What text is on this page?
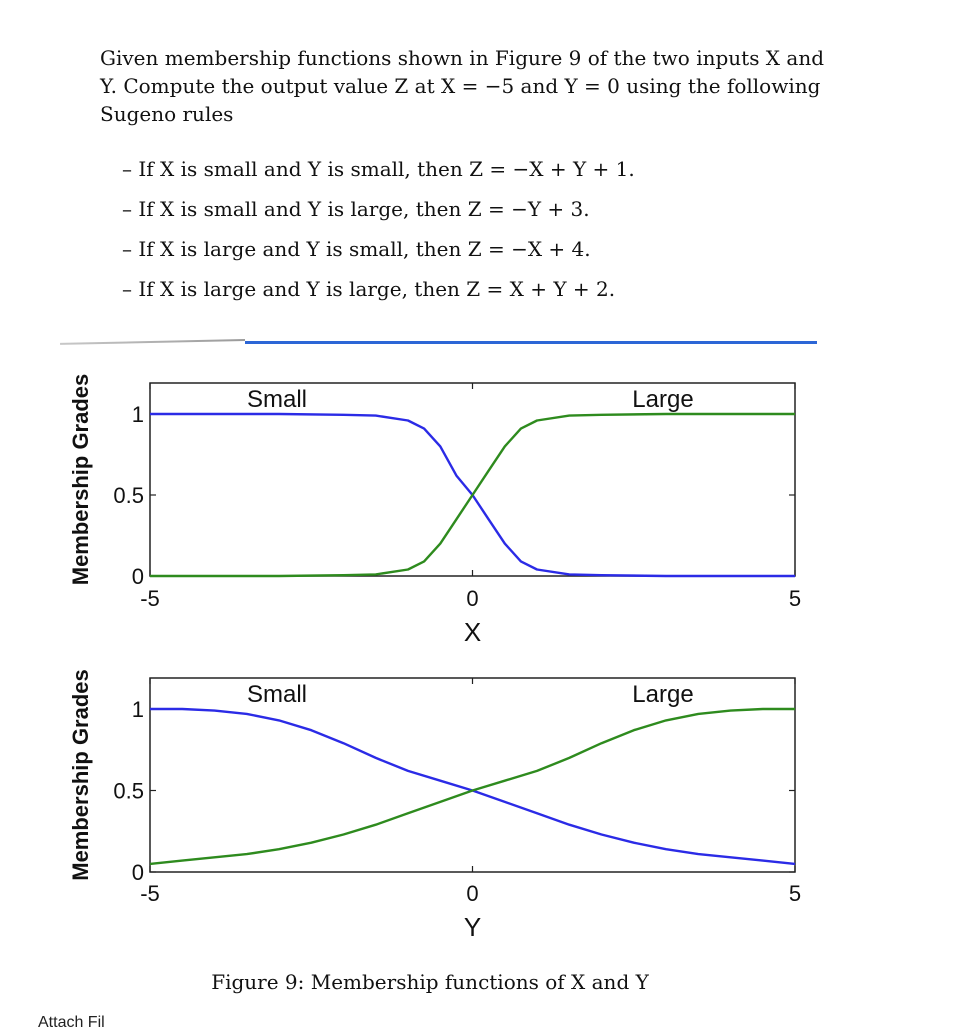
Given membership functions shown in Figure 9 of the two inputs X and Y. Compute the output value Z at X = −5 and Y = 0 using the following Sugeno rules
– If X is small and Y is small, then Z = −X + Y + 1.
– If X is small and Y is large, then Z = −Y + 3.
– If X is large and Y is small, then Z = −X + 4.
– If X is large and Y is large, then Z = X + Y + 2.
0
0.5
1
-5	0	5
X
Membership Grades	Small	Large
0
0.5
1
-5	0	5
Y
Membership Grades	Small	Large
Figure 9: Membership functions of X and Y
Attach Fil
